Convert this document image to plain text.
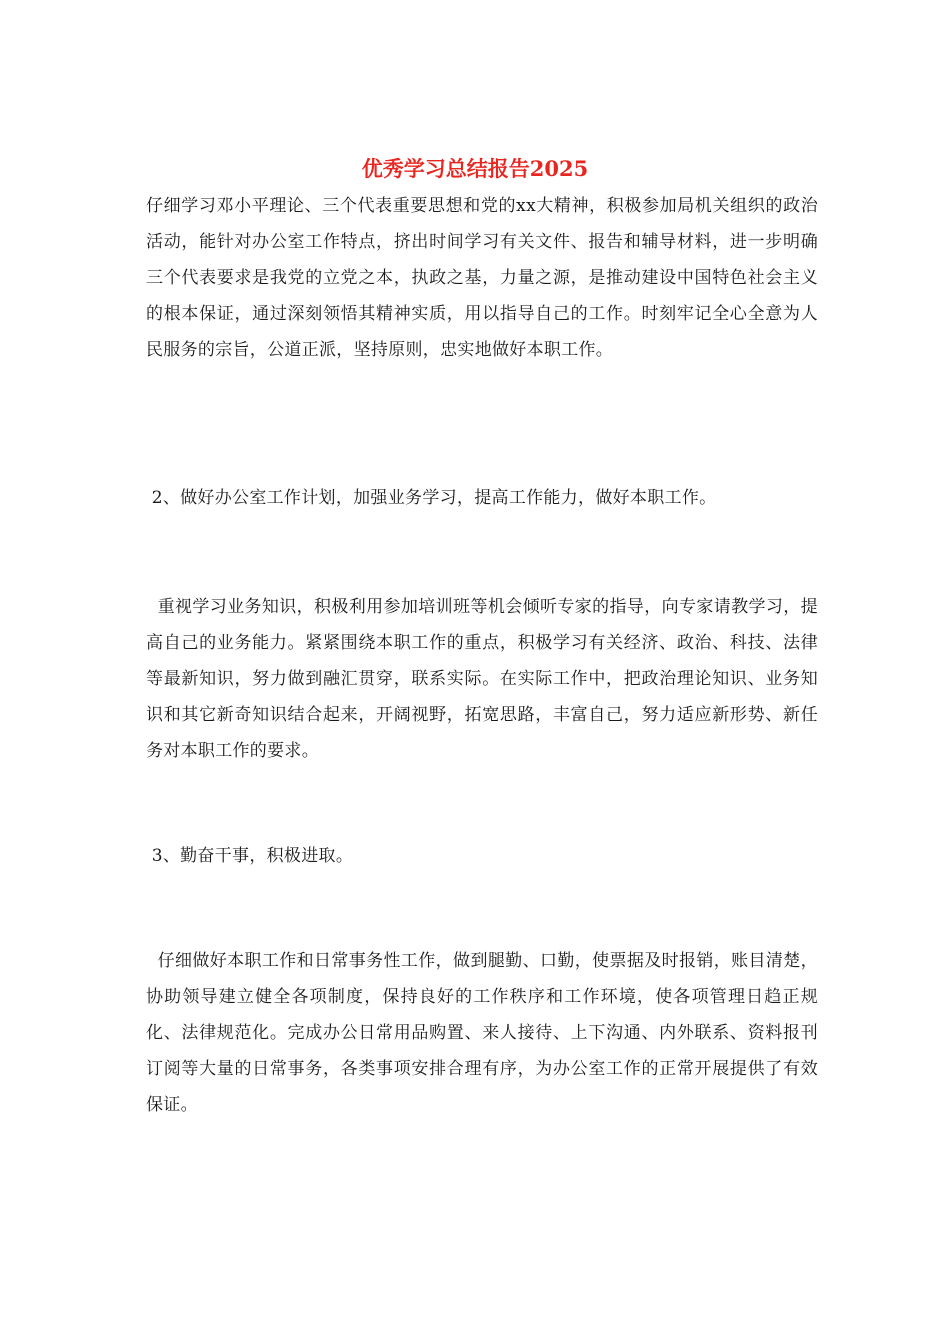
优秀学习总结报告2025

仔细学习邓小平理论、三个代表重要思想和党的xx大精神，积极参加局机关组织的政治活动，能针对办公室工作特点，挤出时间学习有关文件、报告和辅导材料，进一步明确三个代表要求是我党的立党之本，执政之基，力量之源，是推动建设中国特色社会主义的根本保证，通过深刻领悟其精神实质，用以指导自己的工作。时刻牢记全心全意为人民服务的宗旨，公道正派，坚持原则，忠实地做好本职工作。

2、做好办公室工作计划，加强业务学习，提高工作能力，做好本职工作。

重视学习业务知识，积极利用参加培训班等机会倾听专家的指导，向专家请教学习，提高自己的业务能力。紧紧围绕本职工作的重点，积极学习有关经济、政治、科技、法律等最新知识，努力做到融汇贯穿，联系实际。在实际工作中，把政治理论知识、业务知识和其它新奇知识结合起来，开阔视野，拓宽思路，丰富自己，努力适应新形势、新任务对本职工作的要求。

3、勤奋干事，积极进取。

仔细做好本职工作和日常事务性工作，做到腿勤、口勤，使票据及时报销，账目清楚，协助领导建立健全各项制度，保持良好的工作秩序和工作环境，使各项管理日趋正规化、法律规范化。完成办公日常用品购置、来人接待、上下沟通、内外联系、资料报刊订阅等大量的日常事务，各类事项安排合理有序，为办公室工作的正常开展提供了有效保证。
